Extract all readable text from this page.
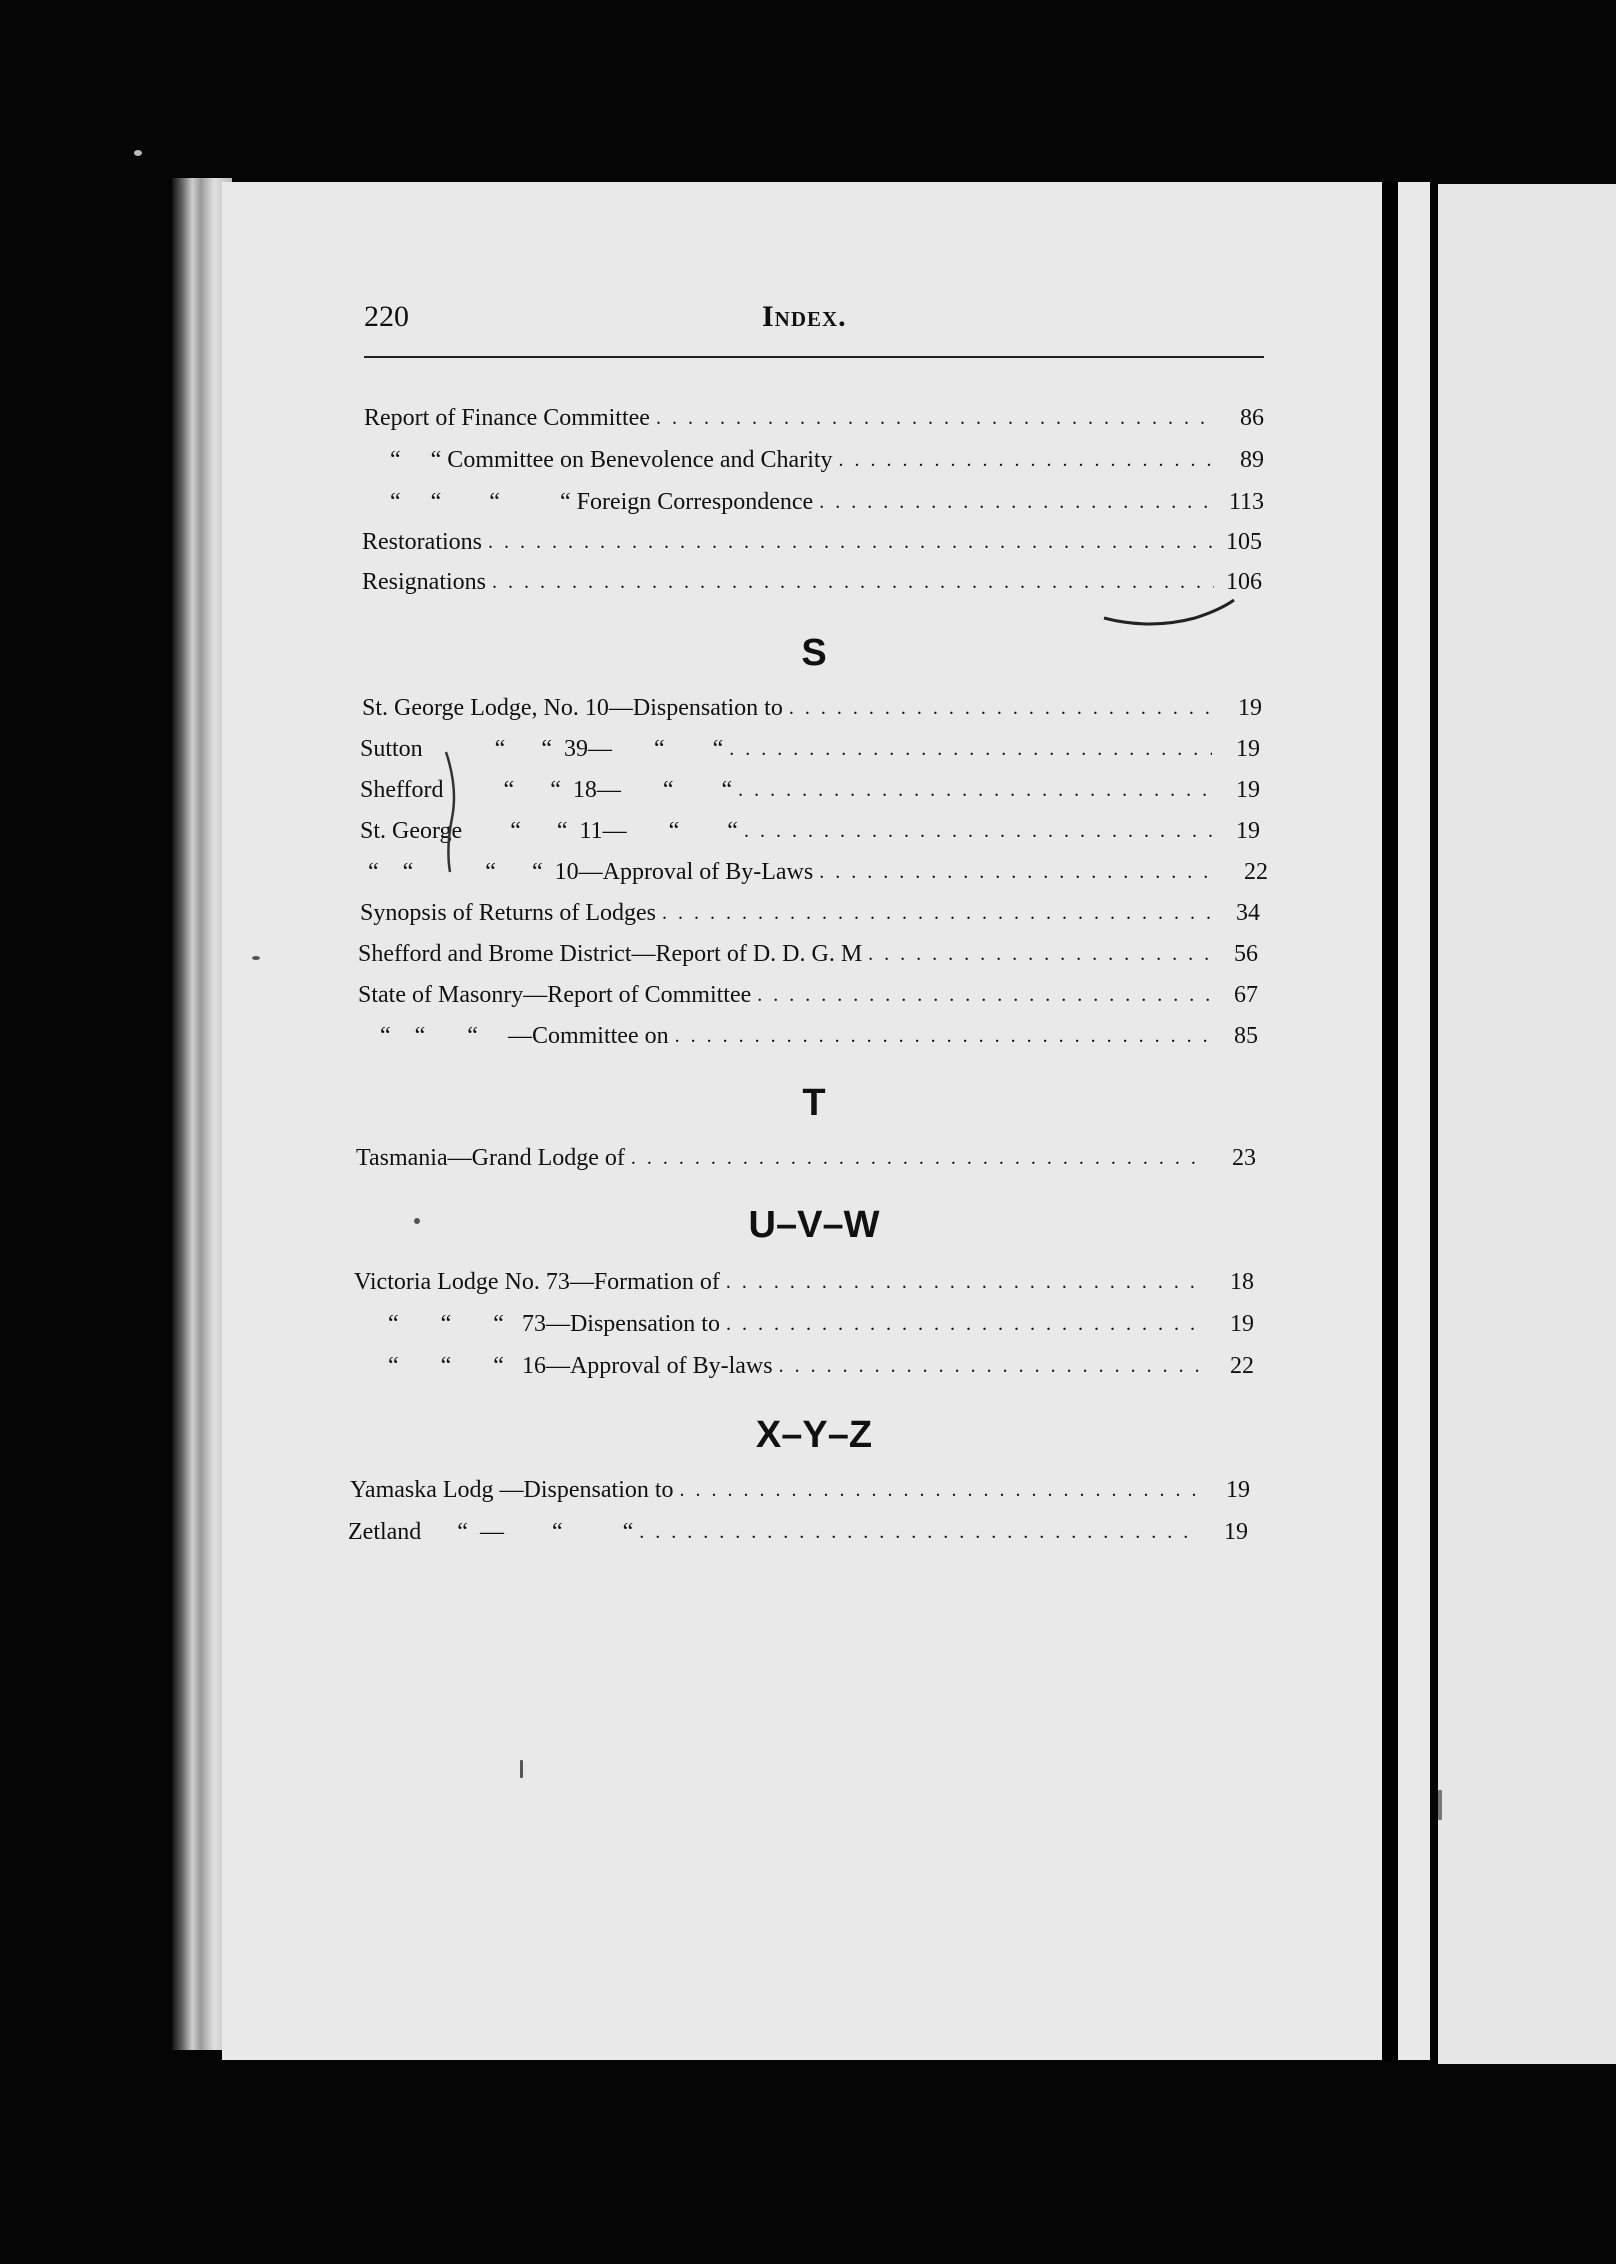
220	Index.
Report of Finance Committee . . .	86
“     “ Committee on Benevolence and Charity . . .	89
“     “        “          “ Foreign Correspondence . . .	113
Restorations . . .	105
Resignations . . .	106
S
St. George Lodge, No. 10—Dispensation to . . .	19
Sutton            “      “  39—       “        “ . . .	19
Shefford          “      “  18—       “        “ . . .	19
St. George        “      “  11—       “        “ . . .	19
“    “            “      “  10—Approval of By-Laws . . .	22
Synopsis of Returns of Lodges . . .	34
Shefford and Brome District—Report of D. D. G. M . . .	56
State of Masonry—Report of Committee . . .	67
“    “       “     —Committee on . . .	85
T
Tasmania—Grand Lodge of . . .	23
U–V–W
Victoria Lodge No. 73—Formation of . . .	18
“       “       “   73—Dispensation to . . .	19
“       “       “   16—Approval of By-laws . . .	22
X–Y–Z
Yamaska Lodg —Dispensation to . . .	19
Zetland      “  —        “          “ . . .	19
